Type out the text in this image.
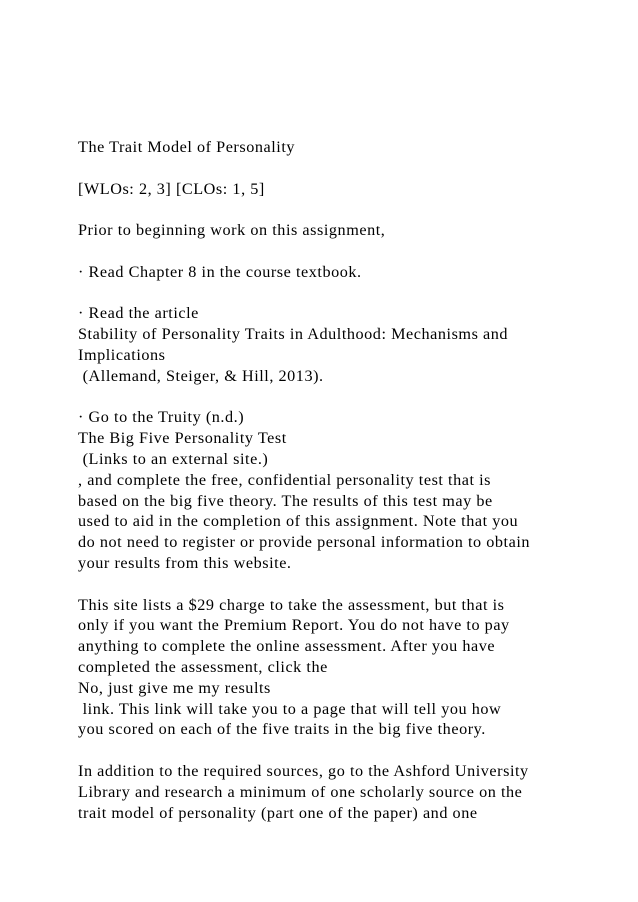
The Trait Model of Personality
[WLOs: 2, 3] [CLOs: 1, 5]
Prior to beginning work on this assignment,
· Read Chapter 8 in the course textbook.
· Read the article
Stability of Personality Traits in Adulthood: Mechanisms and
Implications
(Allemand, Steiger, & Hill, 2013).
· Go to the Truity (n.d.)
The Big Five Personality Test
(Links to an external site.)
, and complete the free, confidential personality test that is
based on the big five theory. The results of this test may be
used to aid in the completion of this assignment. Note that you
do not need to register or provide personal information to obtain
your results from this website.
This site lists a $29 charge to take the assessment, but that is
only if you want the Premium Report. You do not have to pay
anything to complete the online assessment. After you have
completed the assessment, click the
No, just give me my results
link. This link will take you to a page that will tell you how
you scored on each of the five traits in the big five theory.
In addition to the required sources, go to the Ashford University
Library and research a minimum of one scholarly source on the
trait model of personality (part one of the paper) and one
